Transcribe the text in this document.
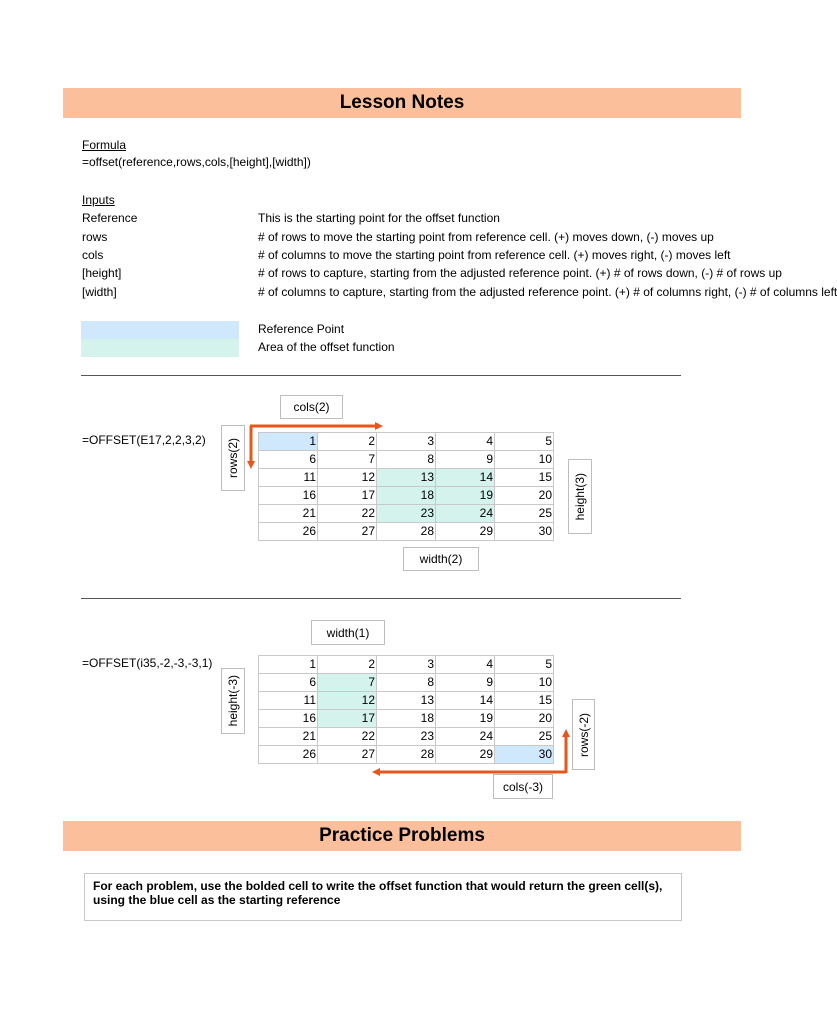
Lesson Notes
Formula
=offset(reference,rows,cols,[height],[width])
Inputs
Reference	This is the starting point for the offset function
rows	# of rows to move the starting point from reference cell. (+) moves down, (-) moves up
cols	# of columns to move the starting point from reference cell. (+) moves right, (-) moves left
[height]	# of rows to capture, starting from the adjusted reference point. (+) # of rows down, (-) # of rows up
[width]	# of columns to capture, starting from the adjusted reference point. (+) # of columns right, (-) # of columns left
Reference Point
Area of the offset function
=OFFSET(E17,2,2,3,2)
cols(2)
rows(2)
height(3)
width(2)
1	2	3	4	5
6	7	8	9	10
11	12	13	14	15
16	17	18	19	20
21	22	23	24	25
26	27	28	29	30
=OFFSET(i35,-2,-3,-3,1)
width(1)
height(-3)
rows(-2)
cols(-3)
1	2	3	4	5
6	7	8	9	10
11	12	13	14	15
16	17	18	19	20
21	22	23	24	25
26	27	28	29	30
Practice Problems
For each problem, use the bolded cell to write the offset function that would return the green cell(s), using the blue cell as the starting reference
